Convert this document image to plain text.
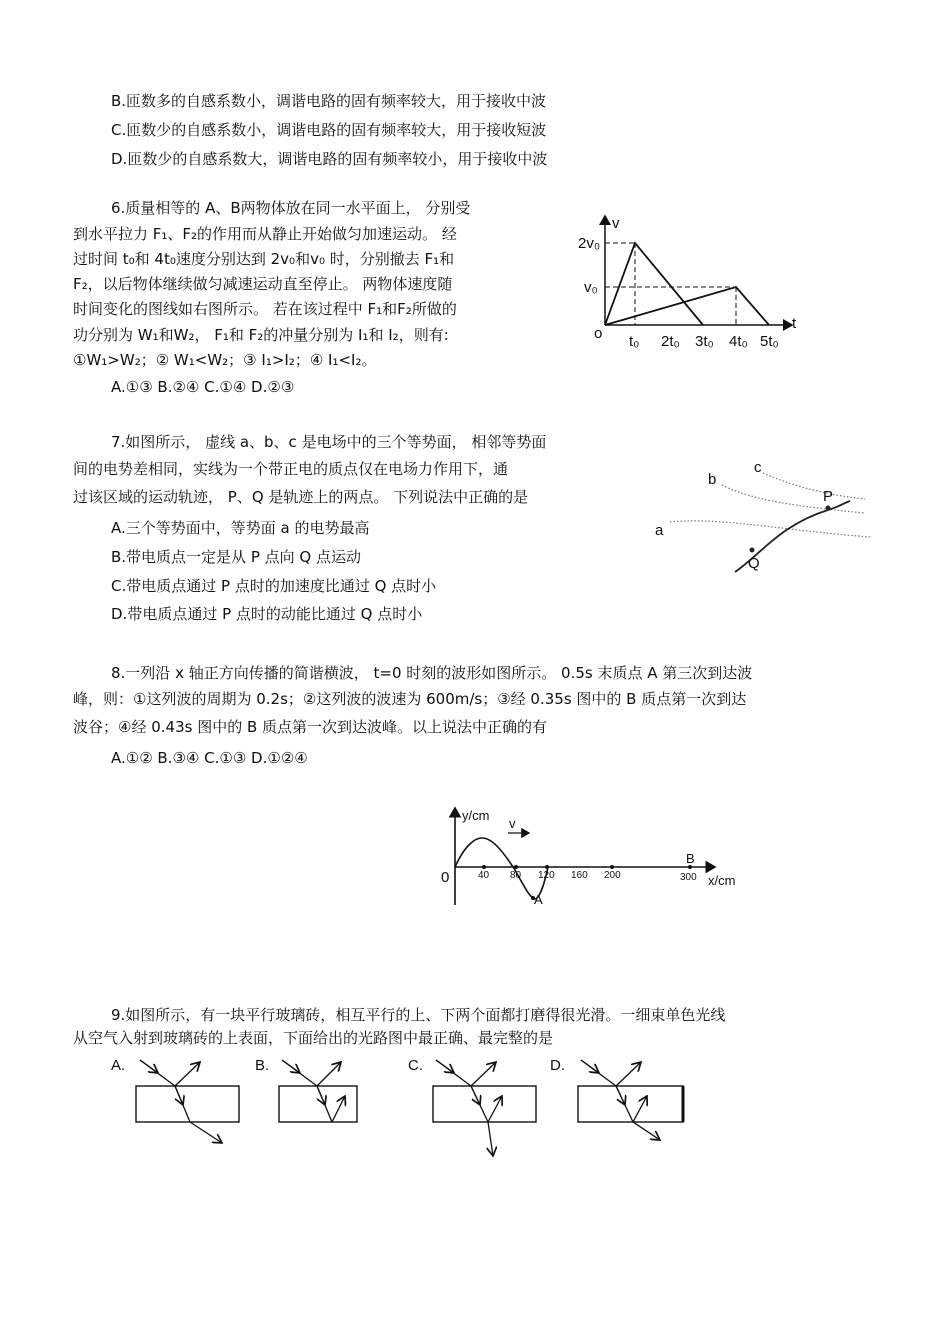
B.匝数多的自感系数小，调谐电路的固有频率较大，用于接收中波
C.匝数少的自感系数小，调谐电路的固有频率较大，用于接收短波
D.匝数少的自感系数大，调谐电路的固有频率较小，用于接收中波
6.质量相等的 A、B两物体放在同一水平面上， 分别受
到水平拉力 F₁、F₂的作用而从静止开始做匀加速运动。 经
过时间 t₀和 4t₀速度分别达到 2v₀和v₀ 时，分别撤去 F₁和
F₂，以后物体继续做匀减速运动直至停止。 两物体速度随
时间变化的图线如右图所示。 若在该过程中 F₁和F₂所做的
功分别为 W₁和W₂， F₁和 F₂的冲量分别为 I₁和 I₂，则有:
①W₁>W₂；② W₁<W₂；③ I₁>I₂；④ I₁<I₂。
A.①③ B.②④ C.①④ D.②③
v
t
o
2v₀
v₀
t₀ 2t₀ 3t₀ 4t₀ 5t₀
7.如图所示， 虚线 a、b、c 是电场中的三个等势面， 相邻等势面
间的电势差相同，实线为一个带正电的质点仅在电场力作用下，通
过该区域的运动轨迹， P、Q 是轨迹上的两点。 下列说法中正确的是
A.三个等势面中，等势面 a 的电势最高
B.带电质点一定是从 P 点向 Q 点运动
C.带电质点通过 P 点时的加速度比通过 Q 点时小
D.带电质点通过 P 点时的动能比通过 Q 点时小
a
b
c
P
Q
8.一列沿 x 轴正方向传播的简谐横波， t=0 时刻的波形如图所示。 0.5s 末质点 A 第三次到达波
峰，则：①这列波的周期为 0.2s；②这列波的波速为 600m/s；③经 0.35s 图中的 B 质点第一次到达
波谷；④经 0.43s 图中的 B 质点第一次到达波峰。以上说法中正确的有
A.①② B.③④ C.①③ D.①②④
y/cm
v
0	40 80 120 160 200	300
A
B
x/cm
9.如图所示，有一块平行玻璃砖，相互平行的上、下两个面都打磨得很光滑。一细束单色光线
从空气入射到玻璃砖的上表面，下面给出的光路图中最正确、最完整的是
A.	B.	C.	D.
